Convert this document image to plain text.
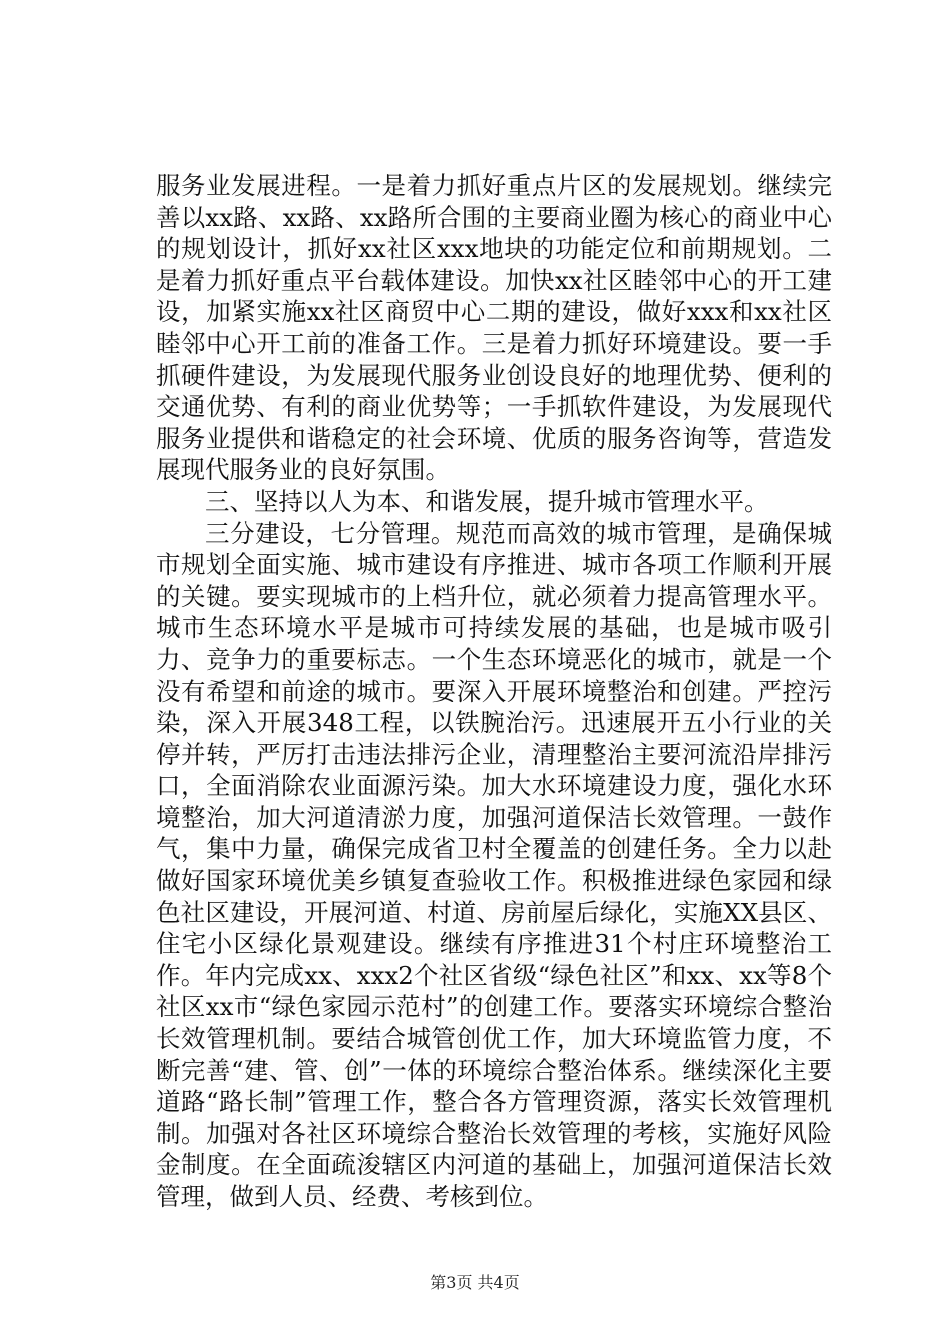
服务业发展进程。一是着力抓好重点片区的发展规划。继续完善以xx路、xx路、xx路所合围的主要商业圈为核心的商业中心的规划设计，抓好xx社区xxx地块的功能定位和前期规划。二是着力抓好重点平台载体建设。加快xx社区睦邻中心的开工建设，加紧实施xx社区商贸中心二期的建设，做好xxx和xx社区睦邻中心开工前的准备工作。三是着力抓好环境建设。要一手抓硬件建设，为发展现代服务业创设良好的地理优势、便利的交通优势、有利的商业优势等；一手抓软件建设，为发展现代服务业提供和谐稳定的社会环境、优质的服务咨询等，营造发展现代服务业的良好氛围。

三、坚持以人为本、和谐发展，提升城市管理水平。

三分建设，七分管理。规范而高效的城市管理，是确保城市规划全面实施、城市建设有序推进、城市各项工作顺利开展的关键。要实现城市的上档升位，就必须着力提高管理水平。城市生态环境水平是城市可持续发展的基础，也是城市吸引力、竞争力的重要标志。一个生态环境恶化的城市，就是一个没有希望和前途的城市。要深入开展环境整治和创建。严控污染，深入开展348工程，以铁腕治污。迅速展开五小行业的关停并转，严厉打击违法排污企业，清理整治主要河流沿岸排污口，全面消除农业面源污染。加大水环境建设力度，强化水环境整治，加大河道清淤力度，加强河道保洁长效管理。一鼓作气，集中力量，确保完成省卫村全覆盖的创建任务。全力以赴做好国家环境优美乡镇复查验收工作。积极推进绿色家园和绿色社区建设，开展河道、村道、房前屋后绿化，实施XX县区、住宅小区绿化景观建设。继续有序推进31个村庄环境整治工作。年内完成xx、xxx2个社区省级“绿色社区”和xx、xx等8个社区xx市“绿色家园示范村”的创建工作。要落实环境综合整治长效管理机制。要结合城管创优工作，加大环境监管力度，不断完善“建、管、创”一体的环境综合整治体系。继续深化主要道路“路长制”管理工作，整合各方管理资源，落实长效管理机制。加强对各社区环境综合整治长效管理的考核，实施好风险金制度。在全面疏浚辖区内河道的基础上，加强河道保洁长效管理，做到人员、经费、考核到位。

第3页 共4页
